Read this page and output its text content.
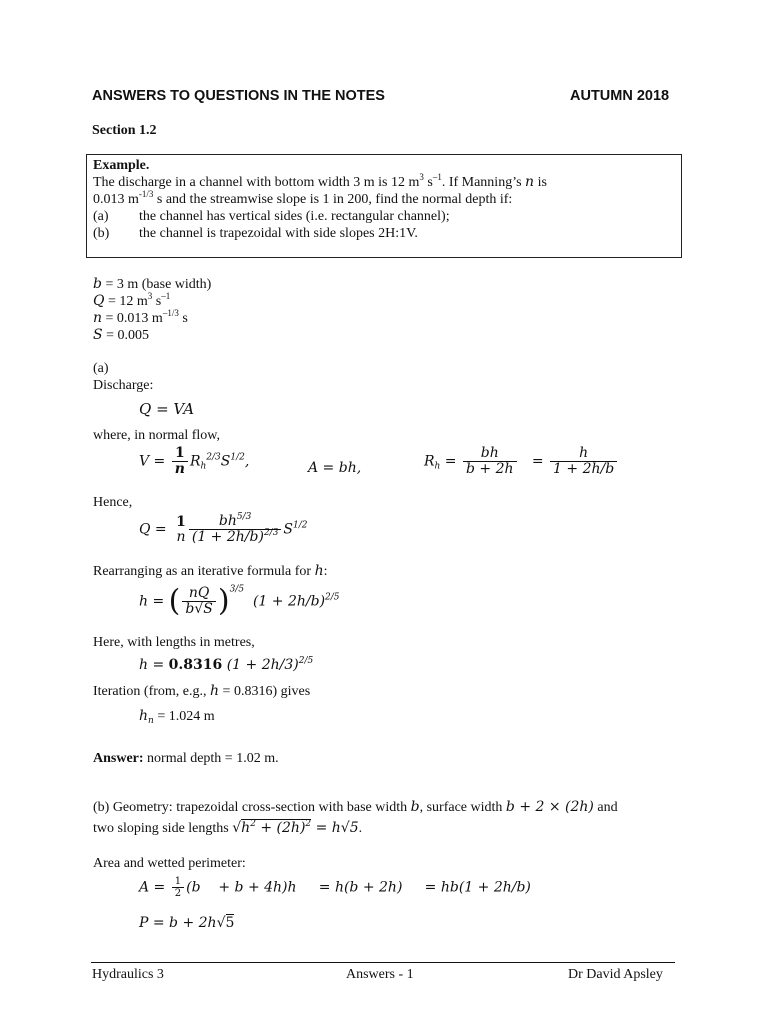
ANSWERS TO QUESTIONS IN THE NOTES	AUTUMN 2018
Section 1.2
Example.
The discharge in a channel with bottom width 3 m is 12 $m^3$ $s^{-1}$. If Manning’s n is
0.013 $m^{-1/3}$ s and the streamwise slope is 1 in 200, find the normal depth if:
(a) the channel has vertical sides (i.e. rectangular channel);
(b) the channel is trapezoidal with side slopes 2H:1V.
b = 3 m (base width)
Q = 12 $m^3$ $s^{-1}$
n = 0.013 $m^{-1/3}$ s
S = 0.005
(a)
Discharge:
Q = VA
where, in normal flow,
$V = \frac{1}{n} R_h^{2/3}S^{1/2}$,	A = bh,	$R_h = \frac{bh}{b + 2h} = \frac{h}{1 + 2h/b}$
Hence,
Q = 1
n $\frac{bh^{5/3}}{(1 + 2h/b)^{2/3}} S^{1/2}$
Rearranging as an iterative formula for h:
h = ( $\frac{nQ}{b√S} )^{3/5}$  $(1 + 2h/b)^{2/5}$
Here, with lengths in metres,
h = 0.8316 $(1 + 2h/3)^{2/5}$
Iteration (from, e.g., h = 0.8316) gives
$h_n = 1.024$ m
Answer: normal depth = 1.02 m.
(b) Geometry: trapezoidal cross-section with base width b, surface width b + 2 × (2h) and
two sloping side lengths $√h^2 + (2h)^2 = h√5$.
Area and wetted perimeter:
$A = \frac{1}{2} (b$    + b + 4h)h     = h(b + 2h)     = hb(1 + 2h/b)
P = b + 2h√5
Hydraulics 3	Answers - 1	Dr David Apsley
